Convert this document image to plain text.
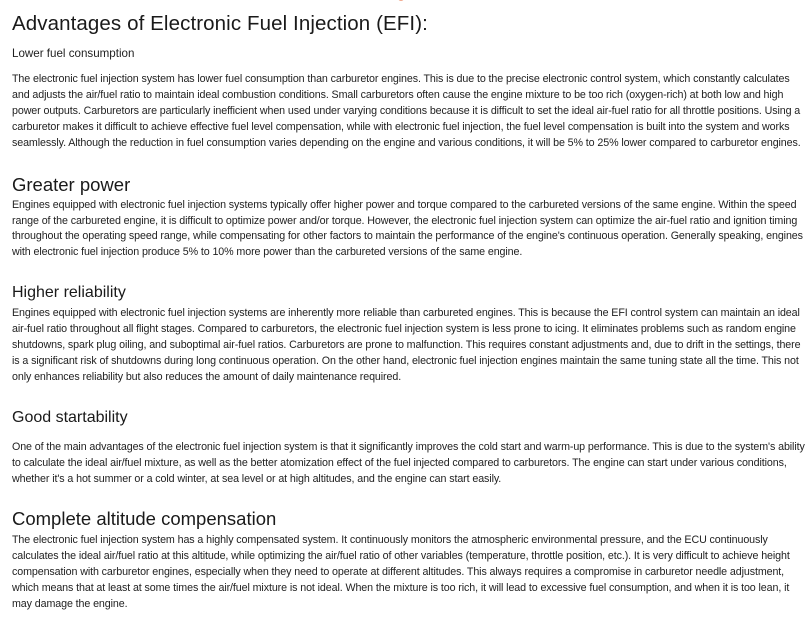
Advantages of Electronic Fuel Injection (EFI):
Lower fuel consumption

The electronic fuel injection system has lower fuel consumption than carburetor engines. This is due to the precise electronic control system, which constantly calculates and adjusts the air/fuel ratio to maintain ideal combustion conditions. Small carburetors often cause the engine mixture to be too rich (oxygen-rich) at both low and high power outputs. Carburetors are particularly inefficient when used under varying conditions because it is difficult to set the ideal air-fuel ratio for all throttle positions. Using a carburetor makes it difficult to achieve effective fuel level compensation, while with electronic fuel injection, the fuel level compensation is built into the system and works seamlessly. Although the reduction in fuel consumption varies depending on the engine and various conditions, it will be 5% to 25% lower compared to carburetor engines.

Greater power

Engines equipped with electronic fuel injection systems typically offer higher power and torque compared to the carbureted versions of the same engine. Within the speed range of the carbureted engine, it is difficult to optimize power and/or torque. However, the electronic fuel injection system can optimize the air-fuel ratio and ignition timing throughout the operating speed range, while compensating for other factors to maintain the performance of the engine's continuous operation. Generally speaking, engines with electronic fuel injection produce 5% to 10% more power than the carbureted versions of the same engine.

Higher reliability

Engines equipped with electronic fuel injection systems are inherently more reliable than carbureted engines. This is because the EFI control system can maintain an ideal air-fuel ratio throughout all flight stages. Compared to carburetors, the electronic fuel injection system is less prone to icing. It eliminates problems such as random engine shutdowns, spark plug oiling, and suboptimal air-fuel ratios. Carburetors are prone to malfunction. This requires constant adjustments and, due to drift in the settings, there is a significant risk of shutdowns during long continuous operation. On the other hand, electronic fuel injection engines maintain the same tuning state all the time. This not only enhances reliability but also reduces the amount of daily maintenance required.

Good startability

One of the main advantages of the electronic fuel injection system is that it significantly improves the cold start and warm-up performance. This is due to the system's ability to calculate the ideal air/fuel mixture, as well as the better atomization effect of the fuel injected compared to carburetors. The engine can start under various conditions, whether it's a hot summer or a cold winter, at sea level or at high altitudes, and the engine can start easily.

Complete altitude compensation

The electronic fuel injection system has a highly compensated system. It continuously monitors the atmospheric environmental pressure, and the ECU continuously calculates the ideal air/fuel ratio at this altitude, while optimizing the air/fuel ratio of other variables (temperature, throttle position, etc.). It is very difficult to achieve height compensation with carburetor engines, especially when they need to operate at different altitudes. This always requires a compromise in carburetor needle adjustment, which means that at least at some times the air/fuel mixture is not ideal. When the mixture is too rich, it will lead to excessive fuel consumption, and when it is too lean, it may damage the engine.
